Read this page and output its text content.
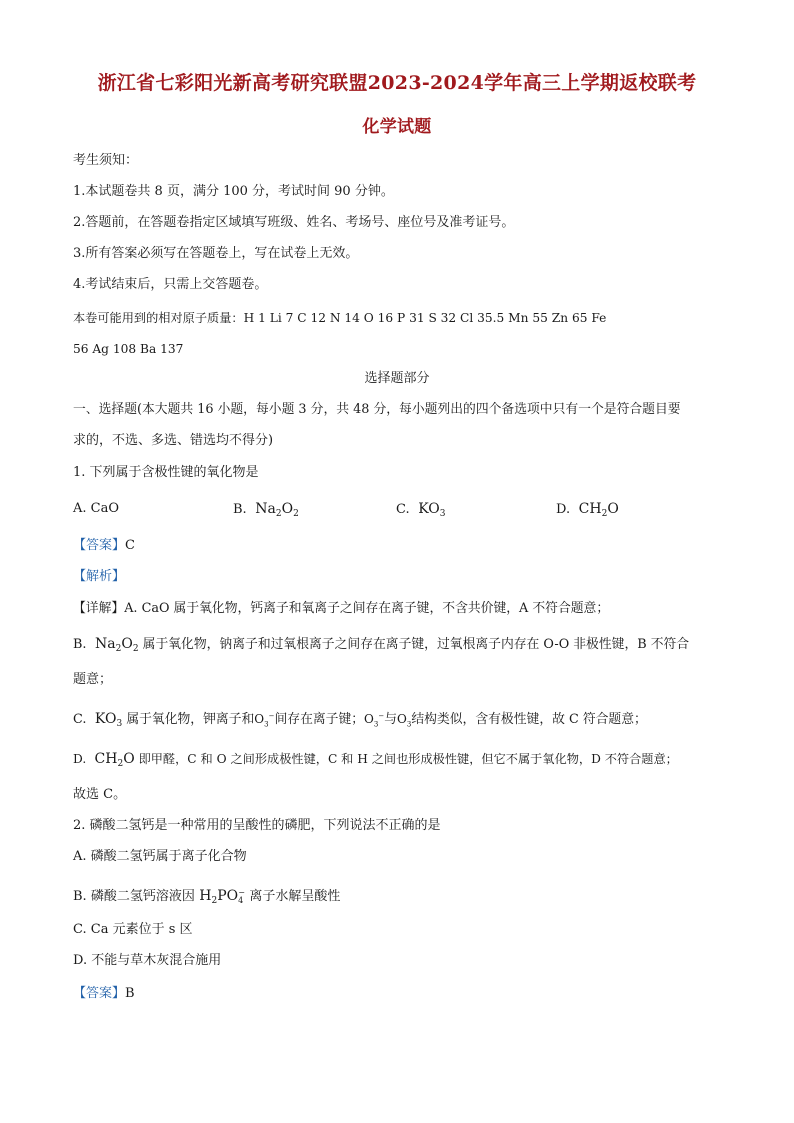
浙江省七彩阳光新高考研究联盟2023-2024学年高三上学期返校联考
化学试题
考生须知：
1.本试题卷共 8 页，满分 100 分，考试时间 90 分钟。
2.答题前，在答题卷指定区域填写班级、姓名、考场号、座位号及准考证号。
3.所有答案必须写在答题卷上，写在试卷上无效。
4.考试结束后，只需上交答题卷。
本卷可能用到的相对原子质量：H 1 Li 7 C 12 N 14 O 16 P 31 S 32 Cl 35.5 Mn 55 Zn 65 Fe
56 Ag 108 Ba 137
选择题部分
一、选择题(本大题共 16 小题，每小题 3 分，共 48 分，每小题列出的四个备选项中只有一个是符合题目要
求的，不选、多选、错选均不得分)
1. 下列属于含极性键的氧化物是
A. CaO	B.  $Na_2O_2$	C.  $KO_3$	D.  $CH_2O$
【答案】C
【解析】
【详解】A. CaO 属于氧化物，钙离子和氧离子之间存在离子键，不含共价键，A 不符合题意；
B.  $Na_2O_2$ 属于氧化物，钠离子和过氧根离子之间存在离子键，过氧根离子内存在 O-O 非极性键，B 不符合
题意；
C.  $KO_3$ 属于氧化物，钾离子和$O_3^-$间存在离子键；$O_3^-$与$O_3$结构类似，含有极性键，故 C 符合题意；
D.  $CH_2O$ 即甲醛，C 和 O 之间形成极性键，C 和 H 之间也形成极性键，但它不属于氧化物，D 不符合题意；
故选 C。
2. 磷酸二氢钙是一种常用的呈酸性的磷肥，下列说法不正确的是
A. 磷酸二氢钙属于离子化合物
B. 磷酸二氢钙溶液因 $H_2PO_4^-$ 离子水解呈酸性
C. Ca 元素位于 s 区
D. 不能与草木灰混合施用
【答案】B
